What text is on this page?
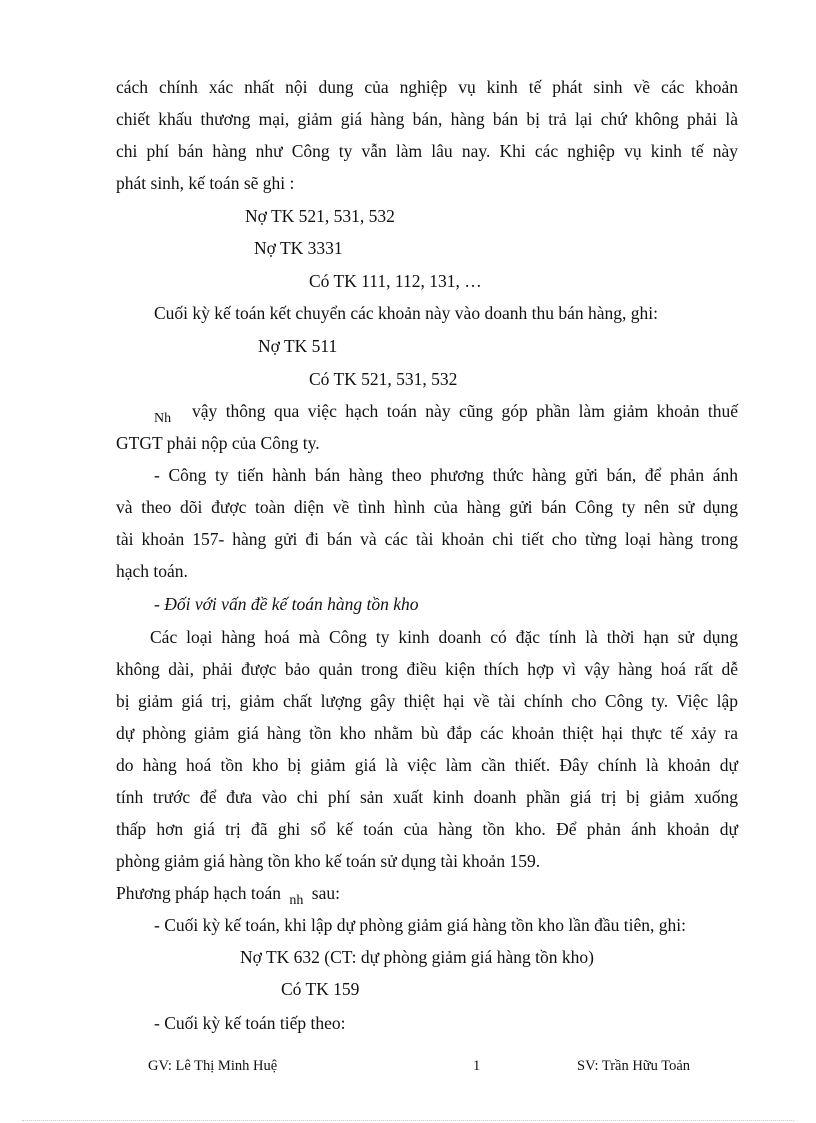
cách chính xác nhất nội dung của nghiệp vụ kinh tế phát sinh về các khoản
chiết khấu thương mại, giảm giá hàng bán, hàng bán bị trả lại chứ không phải là
chi phí bán hàng như Công ty vẫn làm lâu nay. Khi các nghiệp vụ kinh tế này
phát sinh, kế toán sẽ ghi :
Nợ TK 521, 531, 532
Nợ TK 3331
Có TK 111, 112, 131, …
Cuối kỳ kế toán kết chuyển các khoản này vào doanh thu bán hàng, ghi:
Nợ TK 511
Có TK 521, 531, 532
$_{Nh}$ vậy thông qua việc hạch toán này cũng góp phần làm giảm khoản thuế
GTGT phải nộp của Công ty.
- Công ty tiến hành bán hàng theo phương thức hàng gửi bán, để phản ánh
và theo dõi được toàn diện về tình hình của hàng gửi bán Công ty nên sử dụng
tài khoản 157- hàng gửi đi bán và các tài khoản chi tiết cho từng loại hàng trong
hạch toán.
- Đối với vấn đề kế toán hàng tồn kho
Các loại hàng hoá mà Công ty kinh doanh có đặc tính là thời hạn sử dụng
không dài, phải được bảo quản trong điều kiện thích hợp vì vậy hàng hoá rất dễ
bị giảm giá trị, giảm chất lượng gây thiệt hại về tài chính cho Công ty. Việc lập
dự phòng giảm giá hàng tồn kho nhằm bù đắp các khoản thiệt hại thực tế xảy ra
do hàng hoá tồn kho bị giảm giá là việc làm cần thiết. Đây chính là khoản dự
tính trước để đưa vào chi phí sản xuất kinh doanh phần giá trị bị giảm xuống
thấp hơn giá trị đã ghi sổ kế toán của hàng tồn kho. Để phản ánh khoản dự
phòng giảm giá hàng tồn kho kế toán sử dụng tài khoản 159.
Phương pháp hạch toán $_{nh}$ sau:
- Cuối kỳ kế toán, khi lập dự phòng giảm giá hàng tồn kho lần đầu tiên, ghi:
Nợ TK 632 (CT: dự phòng giảm giá hàng tồn kho)
Có TK 159
- Cuối kỳ kế toán tiếp theo:
GV: Lê Thị Minh Huệ	1	SV: Trần Hữu Toản
